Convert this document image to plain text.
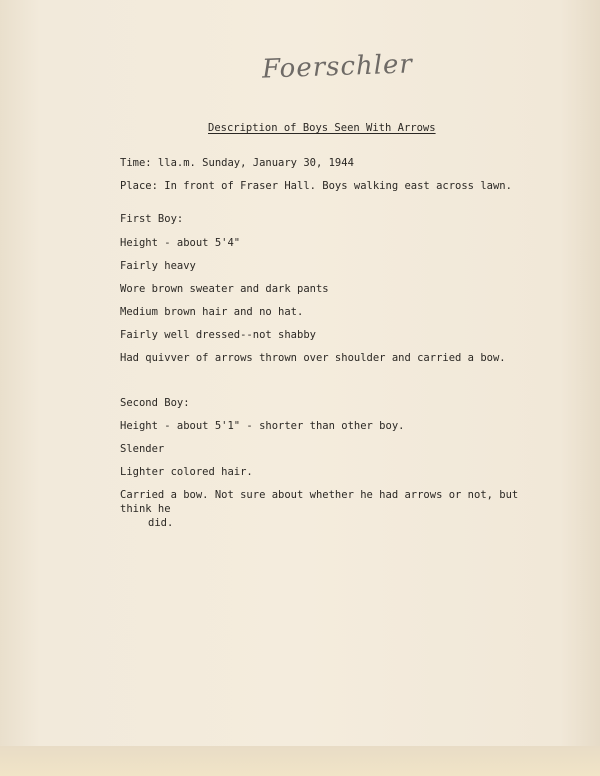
Foerschler
Description of Boys Seen With Arrows
Time: lla.m. Sunday, January 30, 1944
Place: In front of Fraser Hall. Boys walking east across lawn.
First Boy:
Height - about 5'4"
Fairly heavy
Wore brown sweater and dark pants
Medium brown hair and no hat.
Fairly well dressed--not shabby
Had quivver of arrows thrown over shoulder and carried a bow.
Second Boy:
Height - about 5'1" - shorter than other boy.
Slender
Lighter colored hair.
Carried a bow. Not sure about whether he had arrows or not, but think he
did.
